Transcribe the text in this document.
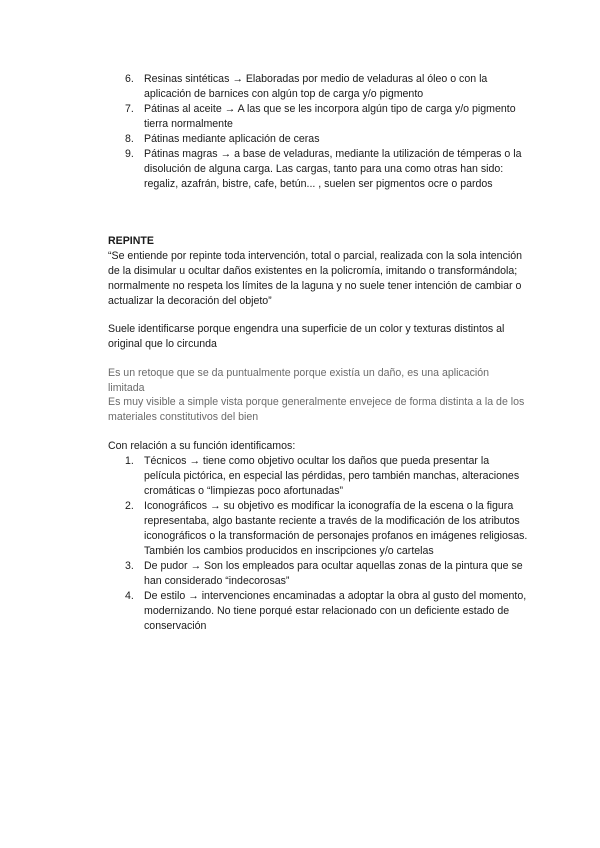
6. Resinas sintéticas → Elaboradas por medio de veladuras al óleo o con la aplicación de barnices con algún top de carga y/o pigmento
7. Pátinas al aceite → A las que se les incorpora algún tipo de carga y/o pigmento tierra normalmente
8. Pátinas mediante aplicación de ceras
9. Pátinas magras → a base de veladuras, mediante la utilización de témperas o la disolución de alguna carga. Las cargas, tanto para una como otras han sido: regaliz, azafrán, bistre, cafe, betún... , suelen ser pigmentos ocre o pardos

REPINTE

“Se entiende por repinte toda intervención, total o parcial, realizada con la sola intención de la disimular u ocultar daños existentes en la policromía, imitando o transformándola; normalmente no respeta los límites de la laguna y no suele tener intención de cambiar o actualizar la decoración del objeto”

Suele identificarse porque engendra una superficie de un color y texturas distintos al original que lo circunda

Es un retoque que se da puntualmente porque existía un daño, es una aplicación limitada

Es muy visible a simple vista porque generalmente envejece de forma distinta a la de los materiales constitutivos del bien

Con relación a su función identificamos:

1. Técnicos → tiene como objetivo ocultar los daños que pueda presentar la película pictórica, en especial las pérdidas, pero también manchas, alteraciones cromáticas o “limpiezas poco afortunadas”
2. Iconográficos → su objetivo es modificar la iconografía de la escena o la figura representaba, algo bastante reciente a través de la modificación de los atributos iconográficos o la transformación de personajes profanos en imágenes religiosas. También los cambios producidos en inscripciones y/o cartelas
3. De pudor → Son los empleados para ocultar aquellas zonas de la pintura que se han considerado “indecorosas”
4. De estilo → intervenciones encaminadas a adoptar la obra al gusto del momento, modernizando. No tiene porqué estar relacionado con un deficiente estado de conservación
